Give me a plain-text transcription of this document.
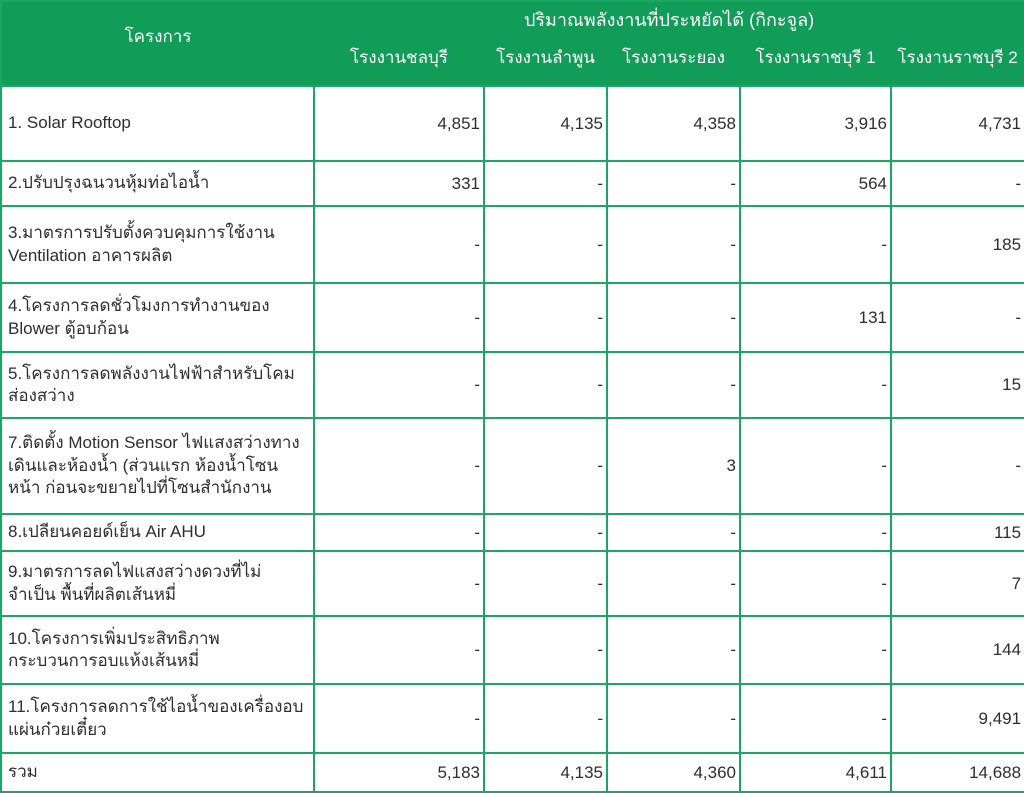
โครงการ	ปริมาณพลังงานที่ประหยัดได้ (กิกะจูล)				
	โรงงานชลบุรี	โรงงานลำพูน	โรงงานระยอง	โรงงานราชบุรี 1	โรงงานราชบุรี 2
1. Solar Rooftop	4,851	4,135	4,358	3,916	4,731
2.ปรับปรุงฉนวนหุ้มท่อไอน้ำ	331	-	-	564	-
3.มาตรการปรับตั้งควบคุมการใช้งาน Ventilation อาคารผลิต	-	-	-	-	185
4.โครงการลดชั่วโมงการทำงานของ Blower ตู้อบก้อน	-	-	-	131	-
5.โครงการลดพลังงานไฟฟ้าสำหรับโคมส่องสว่าง	-	-	-	-	15
7.ติดตั้ง Motion Sensor ไฟแสงสว่างทางเดินและห้องน้ำ (ส่วนแรก ห้องน้ำโซนหน้า ก่อนจะขยายไปที่โซนสำนักงาน	-	-	3	-	-
8.เปลียนคอยด์เย็น Air AHU	-	-	-	-	115
9.มาตรการลดไฟแสงสว่างดวงที่ไม่จำเป็น พื้นที่ผลิตเส้นหมี่	-	-	-	-	7
10.โครงการเพิ่มประสิทธิภาพกระบวนการอบแห้งเส้นหมี่	-	-	-	-	144
11.โครงการลดการใช้ไอน้ำของเครื่องอบแผ่นก๋วยเตี๋ยว	-	-	-	-	9,491
รวม	5,183	4,135	4,360	4,611	14,688
